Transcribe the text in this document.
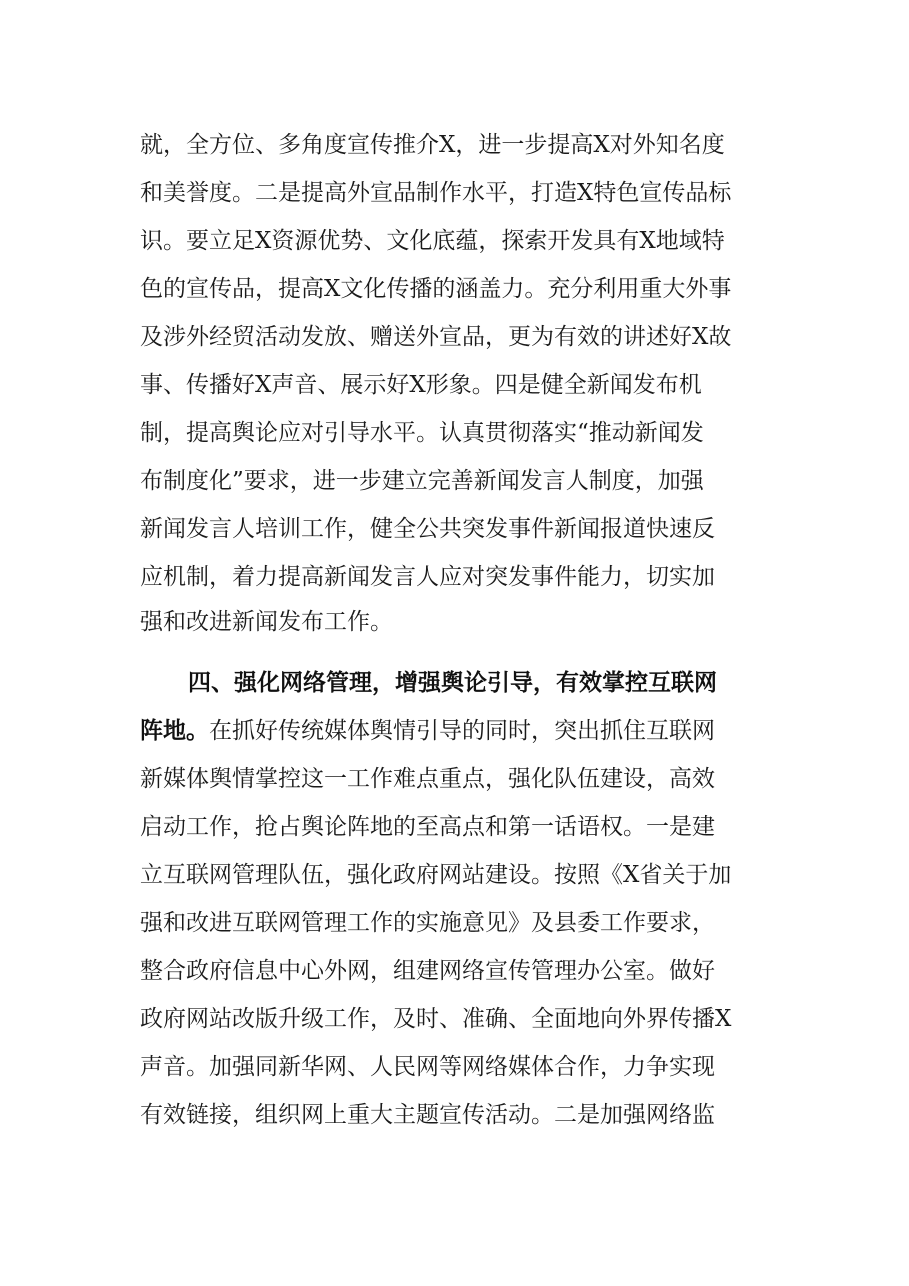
就，全方位、多角度宣传推介X，进一步提高X对外知名度
和美誉度。二是提高外宣品制作水平，打造X特色宣传品标
识。要立足X资源优势、文化底蕴，探索开发具有X地域特
色的宣传品，提高X文化传播的涵盖力。充分利用重大外事
及涉外经贸活动发放、赠送外宣品，更为有效的讲述好X故
事、传播好X声音、展示好X形象。四是健全新闻发布机
制，提高舆论应对引导水平。认真贯彻落实“推动新闻发
布制度化”要求，进一步建立完善新闻发言人制度，加强
新闻发言人培训工作，健全公共突发事件新闻报道快速反
应机制，着力提高新闻发言人应对突发事件能力，切实加
强和改进新闻发布工作。
四、强化网络管理，增强舆论引导，有效掌控互联网
阵地。在抓好传统媒体舆情引导的同时，突出抓住互联网
新媒体舆情掌控这一工作难点重点，强化队伍建设，高效
启动工作，抢占舆论阵地的至高点和第一话语权。一是建
立互联网管理队伍，强化政府网站建设。按照《X省关于加
强和改进互联网管理工作的实施意见》及县委工作要求，
整合政府信息中心外网，组建网络宣传管理办公室。做好
政府网站改版升级工作，及时、准确、全面地向外界传播X
声音。加强同新华网、人民网等网络媒体合作，力争实现
有效链接，组织网上重大主题宣传活动。二是加强网络监
